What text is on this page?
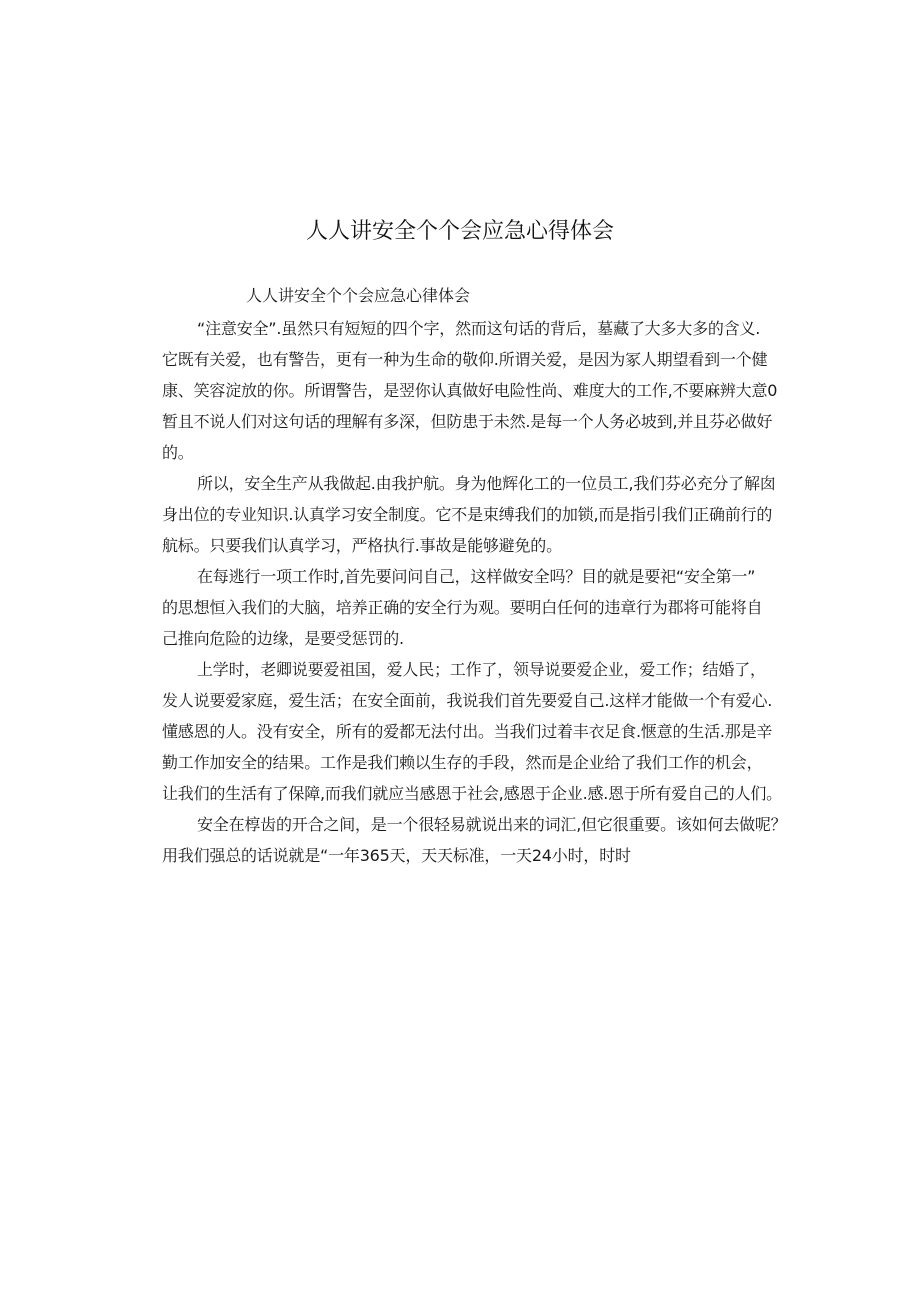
人人讲安全个个会应急心得体会

人人讲安全个个会应急心律体会

“注意安全”.虽然只有短短的四个字，然而这句话的背后，墓藏了大多大多的含义.
它既有关爱，也有警告，更有一种为生命的敬仰.所谓关爱，是因为冢人期望看到一个健
康、笑容淀放的你。所谓警告，是翌你认真做好电险性尚、难度大的工作,不要麻辨大意0
暂且不说人们对这句话的理解有多深，但防患于未然.是每一个人务必坡到,并且芬必做好
的。

所以，安全生产从我做起.由我护航。身为他辉化工的一位员工,我们芬必充分了解囱
身出位的专业知识.认真学习安全制度。它不是束缚我们的加锁,而是指引我们正确前行的
航标。只要我们认真学习，严格执行.事故是能够避免的。

在每逃行一项工作时,首先要问问自己，这样做安全吗？目的就是要祀“安全第一”
的思想恒入我们的大脑，培养正确的安全行为观。要明白任何的违章行为郡将可能将自
己推向危险的边缘，是要受惩罚的.

上学时，老卿说要爱祖国，爱人民；工作了，领导说要爱企业，爱工作；结婚了，
发人说要爱家庭，爱生活；在安全面前，我说我们首先要爱自己.这样才能做一个有爱心.
懂感恩的人。没有安全，所有的爱都无法付出。当我们过着丰衣足食.惬意的生活.那是辛
勤工作加安全的结果。工作是我们赖以生存的手段，然而是企业给了我们工作的机会，
让我们的生活有了保障,而我们就应当感恩于社会,感恩于企业.感.恩于所有爱自己的人们。

安全在椁齿的开合之间，是一个很轻易就说出来的词汇,但它很重要。该如何去做呢？
用我们强总的话说就是“一年365天，天天标准，一天24小时，时时
